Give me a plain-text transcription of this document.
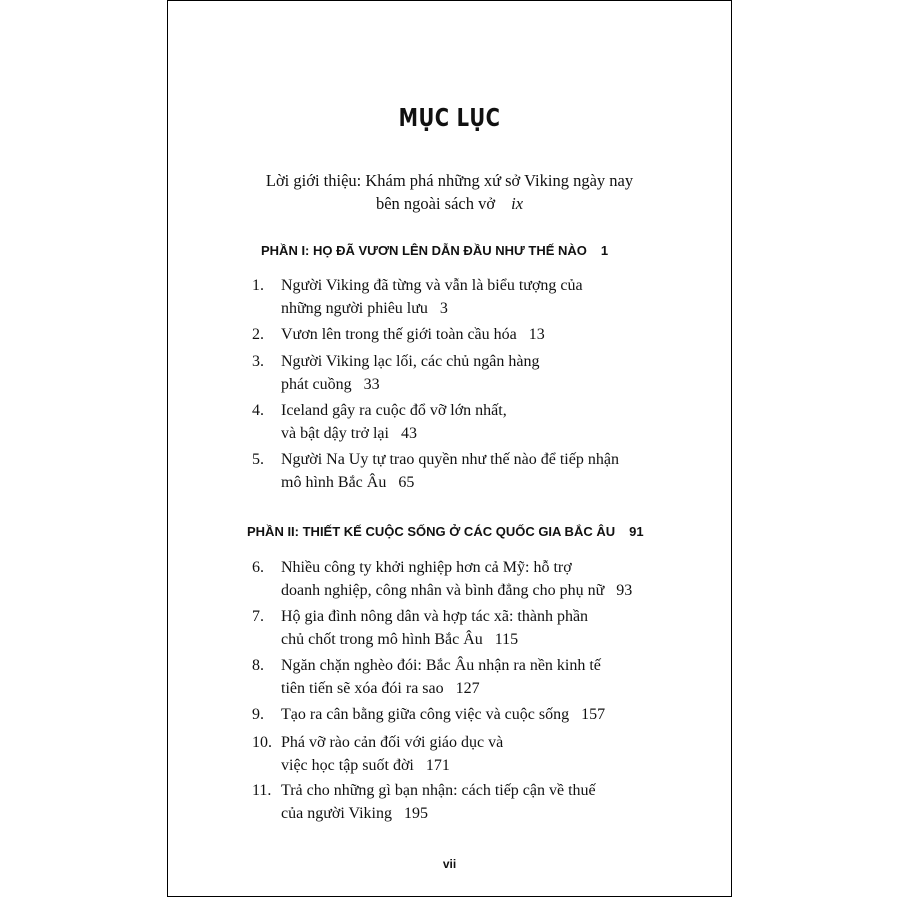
MỤC LỤC
Lời giới thiệu: Khám phá những xứ sở Viking ngày nay
bên ngoài sách vở ix
PHẦN I: HỌ ĐÃ VƯƠN LÊN DẪN ĐẦU NHƯ THẾ NÀO 1
1. Người Viking đã từng và vẫn là biểu tượng của
những người phiêu lưu 3
2. Vươn lên trong thế giới toàn cầu hóa 13
3. Người Viking lạc lối, các chủ ngân hàng
phát cuồng 33
4. Iceland gây ra cuộc đổ vỡ lớn nhất,
và bật dậy trở lại 43
5. Người Na Uy tự trao quyền như thế nào để tiếp nhận
mô hình Bắc Âu 65
PHẦN II: THIẾT KẾ CUỘC SỐNG Ở CÁC QUỐC GIA BẮC ÂU 91
6. Nhiều công ty khởi nghiệp hơn cả Mỹ: hỗ trợ
doanh nghiệp, công nhân và bình đẳng cho phụ nữ 93
7. Hộ gia đình nông dân và hợp tác xã: thành phần
chủ chốt trong mô hình Bắc Âu 115
8. Ngăn chặn nghèo đói: Bắc Âu nhận ra nền kinh tế
tiên tiến sẽ xóa đói ra sao 127
9. Tạo ra cân bằng giữa công việc và cuộc sống 157
10. Phá vỡ rào cản đối với giáo dục và
việc học tập suốt đời 171
11. Trả cho những gì bạn nhận: cách tiếp cận về thuế
của người Viking 195
vii
